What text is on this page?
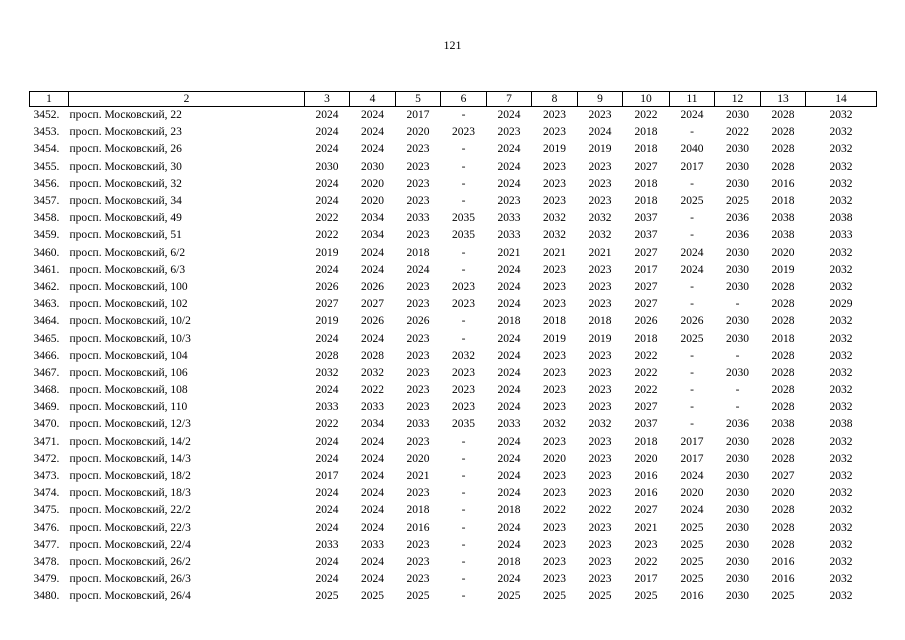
121
1	2	3	4	5	6	7	8	9	10	11	12	13	14
3452.	просп. Московский, 22	2024	2024	2017	-	2024	2023	2023	2022	2024	2030	2028	2032
3453.	просп. Московский, 23	2024	2024	2020	2023	2023	2023	2024	2018	-	2022	2028	2032
3454.	просп. Московский, 26	2024	2024	2023	-	2024	2019	2019	2018	2040	2030	2028	2032
3455.	просп. Московский, 30	2030	2030	2023	-	2024	2023	2023	2027	2017	2030	2028	2032
3456.	просп. Московский, 32	2024	2020	2023	-	2024	2023	2023	2018	-	2030	2016	2032
3457.	просп. Московский, 34	2024	2020	2023	-	2023	2023	2023	2018	2025	2025	2018	2032
3458.	просп. Московский, 49	2022	2034	2033	2035	2033	2032	2032	2037	-	2036	2038	2038
3459.	просп. Московский, 51	2022	2034	2023	2035	2033	2032	2032	2037	-	2036	2038	2033
3460.	просп. Московский, 6/2	2019	2024	2018	-	2021	2021	2021	2027	2024	2030	2020	2032
3461.	просп. Московский, 6/3	2024	2024	2024	-	2024	2023	2023	2017	2024	2030	2019	2032
3462.	просп. Московский, 100	2026	2026	2023	2023	2024	2023	2023	2027	-	2030	2028	2032
3463.	просп. Московский, 102	2027	2027	2023	2023	2024	2023	2023	2027	-	-	2028	2029
3464.	просп. Московский, 10/2	2019	2026	2026	-	2018	2018	2018	2026	2026	2030	2028	2032
3465.	просп. Московский, 10/3	2024	2024	2023	-	2024	2019	2019	2018	2025	2030	2018	2032
3466.	просп. Московский, 104	2028	2028	2023	2032	2024	2023	2023	2022	-	-	2028	2032
3467.	просп. Московский, 106	2032	2032	2023	2023	2024	2023	2023	2022	-	2030	2028	2032
3468.	просп. Московский, 108	2024	2022	2023	2023	2024	2023	2023	2022	-	-	2028	2032
3469.	просп. Московский, 110	2033	2033	2023	2023	2024	2023	2023	2027	-	-	2028	2032
3470.	просп. Московский, 12/3	2022	2034	2033	2035	2033	2032	2032	2037	-	2036	2038	2038
3471.	просп. Московский, 14/2	2024	2024	2023	-	2024	2023	2023	2018	2017	2030	2028	2032
3472.	просп. Московский, 14/3	2024	2024	2020	-	2024	2020	2023	2020	2017	2030	2028	2032
3473.	просп. Московский, 18/2	2017	2024	2021	-	2024	2023	2023	2016	2024	2030	2027	2032
3474.	просп. Московский, 18/3	2024	2024	2023	-	2024	2023	2023	2016	2020	2030	2020	2032
3475.	просп. Московский, 22/2	2024	2024	2018	-	2018	2022	2022	2027	2024	2030	2028	2032
3476.	просп. Московский, 22/3	2024	2024	2016	-	2024	2023	2023	2021	2025	2030	2028	2032
3477.	просп. Московский, 22/4	2033	2033	2023	-	2024	2023	2023	2023	2025	2030	2028	2032
3478.	просп. Московский, 26/2	2024	2024	2023	-	2018	2023	2023	2022	2025	2030	2016	2032
3479.	просп. Московский, 26/3	2024	2024	2023	-	2024	2023	2023	2017	2025	2030	2016	2032
3480.	просп. Московский, 26/4	2025	2025	2025	-	2025	2025	2025	2025	2016	2030	2025	2032
